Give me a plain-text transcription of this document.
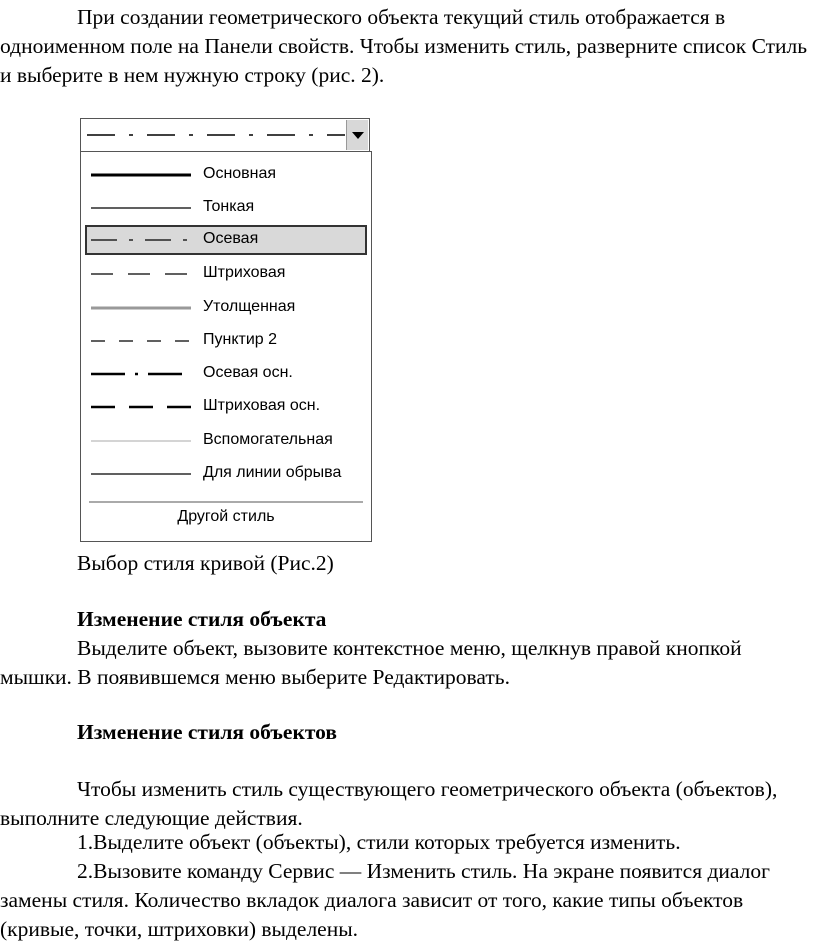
При создании геометрического объекта текущий стиль отображается в одноименном поле на Панели свойств. Чтобы изменить стиль, разверните список Стиль и выберите в нем нужную строку (рис. 2).
Основная
Тонкая
Осевая
Штриховая
Утолщенная
Пунктир 2
Осевая осн.
Штриховая осн.
Вспомогательная
Для линии обрыва
Другой стиль
Выбор стиля кривой (Рис.2)
Изменение стиля объекта
Выделите объект, вызовите контекстное меню, щелкнув правой кнопкой мышки. В появившемся меню выберите Редактировать.
Изменение стиля объектов
Чтобы изменить стиль существующего геометрического объекта (объектов), выполните следующие действия.
1.Выделите объект (объекты), стили которых требуется изменить.
2.Вызовите команду Сервис — Изменить стиль. На экране появится диалог замены стиля. Количество вкладок диалога зависит от того, какие типы объектов (кривые, точки, штриховки) выделены.
